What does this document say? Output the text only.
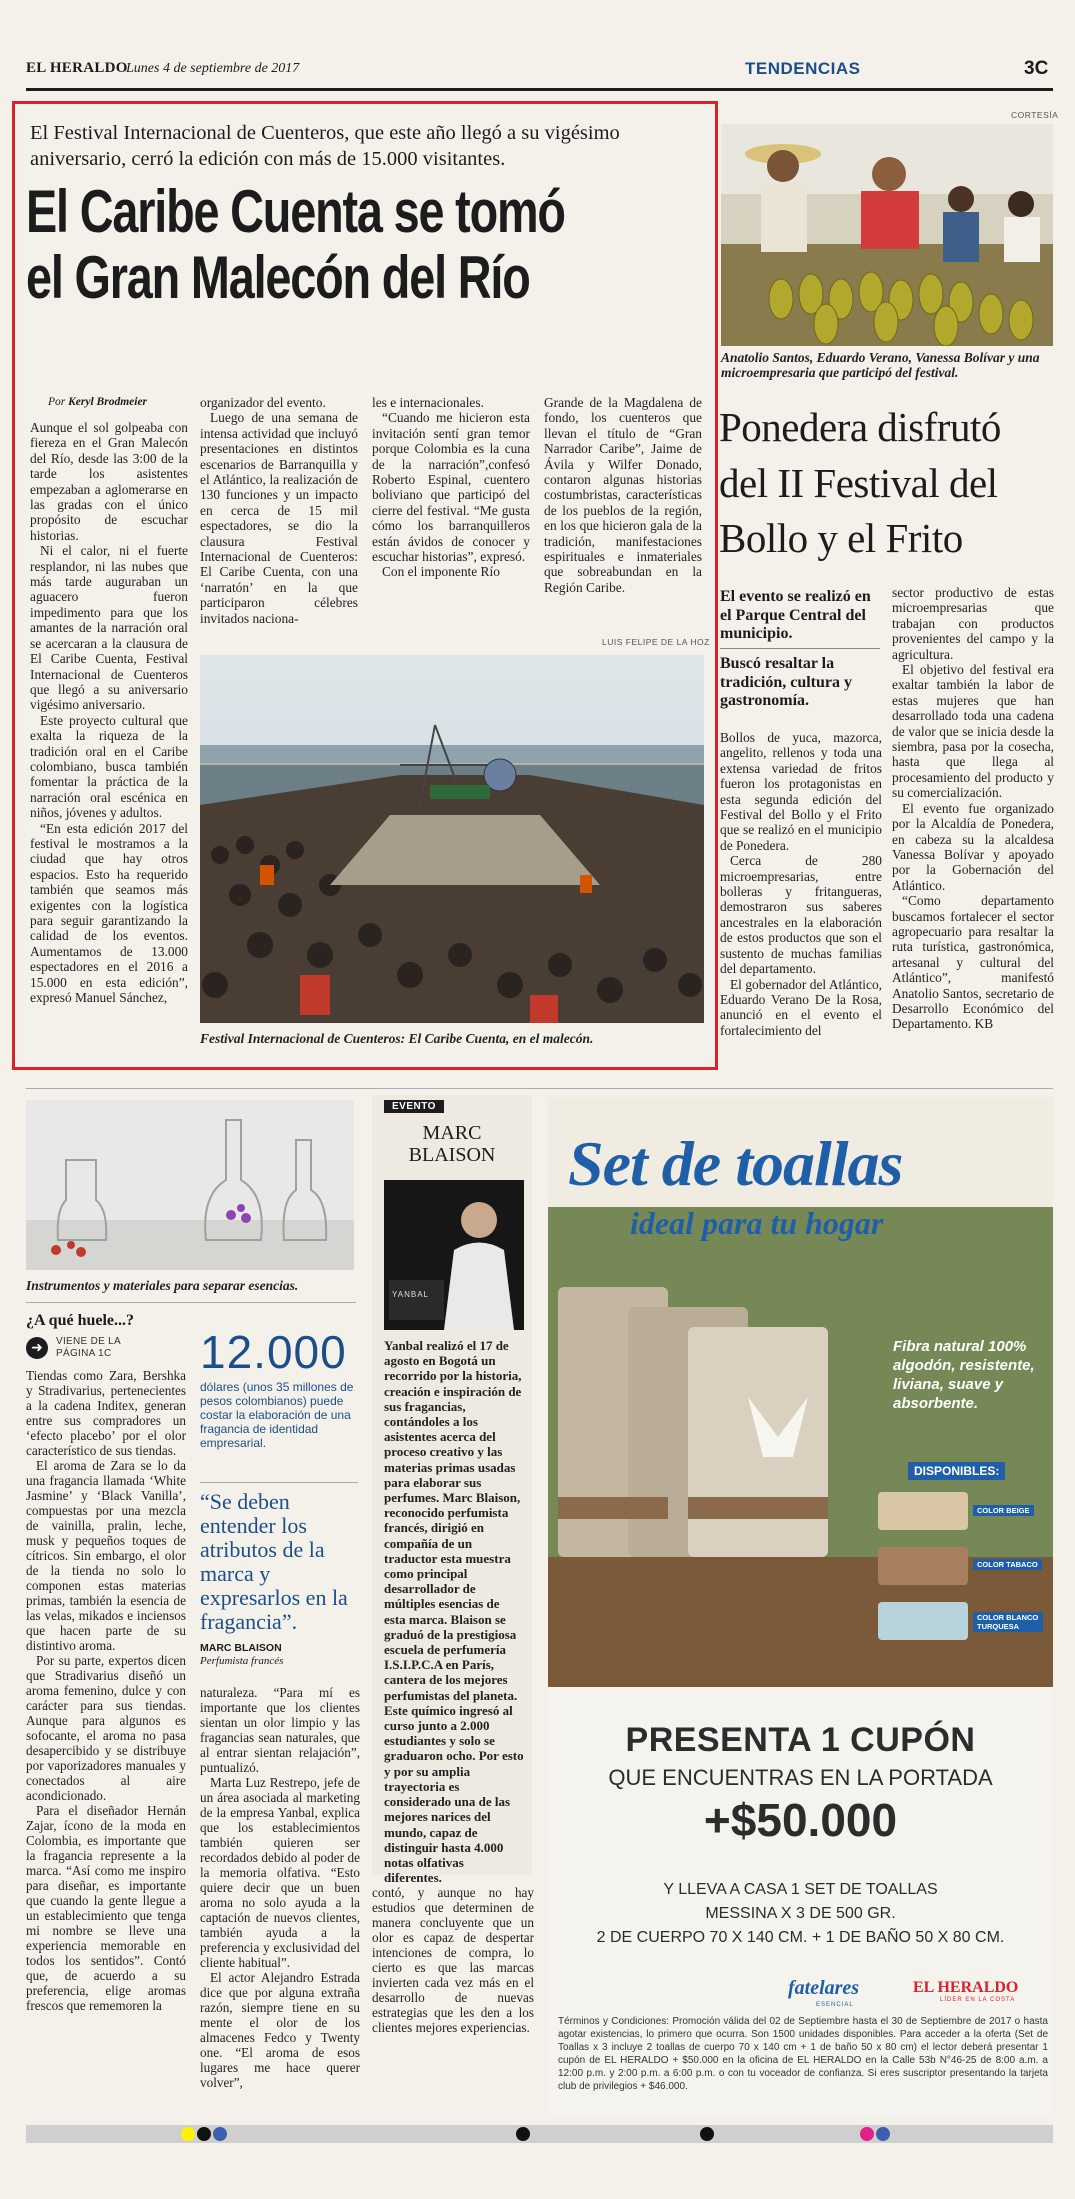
EL HERALDO
Lunes 4 de septiembre de 2017	TENDENCIAS	3C
El Festival Internacional de Cuenteros, que este año llegó a su vigésimo aniversario, cerró la edición con más de 15.000 visitantes.
El Caribe Cuenta se tomó
el Gran Malecón del Río
Por Keryl Brodmeier

Aunque el sol golpeaba con fiereza en el Gran Malecón del Río, desde las 3:00 de la tarde los asistentes empezaban a aglomerarse en las gradas con el único propósito de escuchar historias.

Ni el calor, ni el fuerte resplandor, ni las nubes que más tarde auguraban un aguacero fueron impedimento para que los amantes de la narración oral se acercaran a la clausura de El Caribe Cuenta, Festival Internacional de Cuenteros que llegó a su aniversario vigésimo aniversario.

Este proyecto cultural que exalta la riqueza de la tradición oral en el Caribe colombiano, busca también fomentar la práctica de la narración oral escénica en niños, jóvenes y adultos.

“En esta edición 2017 del festival le mostramos a la ciudad que hay otros espacios. Esto ha requerido también que seamos más exigentes con la logística para seguir garantizando la calidad de los eventos. Aumentamos de 13.000 espectadores en el 2016 a 15.000 en esta edición”, expresó Manuel Sánchez,

organizador del evento.

Luego de una semana de intensa actividad que incluyó presentaciones en distintos escenarios de Barranquilla y el Atlántico, la realización de 130 funciones y un impacto en cerca de 15 mil espectadores, se dio la clausura Festival Internacional de Cuenteros: El Caribe Cuenta, con una ‘narratón’ en la que participaron célebres invitados naciona-

les e internacionales.

“Cuando me hicieron esta invitación sentí gran temor porque Colombia es la cuna de la narración”,confesó Roberto Espinal, cuentero boliviano que participó del cierre del festival. “Me gusta cómo los barranquilleros están ávidos de conocer y escuchar historias”, expresó.

Con el imponente Río

Grande de la Magdalena de fondo, los cuenteros que llevan el título de “Gran Narrador Caribe”, Jaime de Ávila y Wilfer Donado, contaron algunas historias costumbristas, características de los pueblos de la región, en los que hicieron gala de la tradición, manifestaciones espirituales e inmateriales que sobreabundan en la Región Caribe.

LUIS FELIPE DE LA HOZ
Festival Internacional de Cuenteros: El Caribe Cuenta, en el malecón.
CORTESÍA
Anatolio Santos, Eduardo Verano, Vanessa Bolívar y una microempresaria que participó del festival.
Ponedera disfrutó
del II Festival del
Bollo y el Frito
El evento se realizó en el Parque Central del municipio.
Buscó resaltar la tradición, cultura y gastronomía.

Bollos de yuca, mazorca, angelito, rellenos y toda una extensa variedad de fritos fueron los protagonistas en esta segunda edición del Festival del Bollo y el Frito que se realizó en el municipio de Ponedera.

Cerca de 280 microempresarias, entre bolleras y fritangueras, demostraron sus saberes ancestrales en la elaboración de estos productos que son el sustento de muchas familias del departamento.

El gobernador del Atlántico, Eduardo Verano De la Rosa, anunció en el evento el fortalecimiento del

sector productivo de estas microempresarias que trabajan con productos provenientes del campo y la agricultura.

El objetivo del festival era exaltar también la labor de estas mujeres que han desarrollado toda una cadena de valor que se inicia desde la siembra, pasa por la cosecha, hasta que llega al procesamiento del producto y su comercialización.

El evento fue organizado por la Alcaldía de Ponedera, en cabeza su la alcaldesa Vanessa Bolívar y apoyado por la Gobernación del Atlántico.

“Como departamento buscamos fortalecer el sector agropecuario para resaltar la ruta turística, gastronómica, artesanal y cultural del Atlántico”, manifestó Anatolio Santos, secretario de Desarrollo Económico del Departamento. KB

Instrumentos y materiales para separar esencias.
¿A qué huele...?
➜	VIENE DE LA PÁGINA 1C

Tiendas como Zara, Bershka y Stradivarius, pertenecientes a la cadena Inditex, generan entre sus compradores un ‘efecto placebo’ por el olor característico de sus tiendas.

El aroma de Zara se lo da una fragancia llamada ‘White Jasmine’ y ‘Black Vanilla’, compuestas por una mezcla de vainilla, pralin, leche, musk y pequeños toques de cítricos. Sin embargo, el olor de la tienda no solo lo componen estas materias primas, también la esencia de las velas, mikados e inciensos que hacen parte de su distintivo aroma.

Por su parte, expertos dicen que Stradivarius diseñó un aroma femenino, dulce y con carácter para sus tiendas. Aunque para algunos es sofocante, el aroma no pasa desapercibido y se distribuye por vaporizadores manuales y conectados al aire acondicionado.

Para el diseñador Hernán Zajar, ícono de la moda en Colombia, es importante que la fragancia represente a la marca. “Así como me inspiro para diseñar, es importante que cuando la gente llegue a un establecimiento que tenga mi nombre se lleve una experiencia memorable en todos los sentidos”. Contó que, de acuerdo a su preferencia, elige aromas frescos que rememoren la

12.000
dólares (unos 35 millones de pesos colombianos) puede costar la elaboración de una fragancia de identidad empresarial.
“Se deben entender los atributos de la marca y expresarlos en la fragancia”.
MARC BLAISON
Perfumista francés

naturaleza. “Para mí es importante que los clientes sientan un olor limpio y las fragancias sean naturales, que al entrar sientan relajación”, puntualizó.

Marta Luz Restrepo, jefe de un área asociada al marketing de la empresa Yanbal, explica que los establecimientos también quieren ser recordados debido al poder de la memoria olfativa. “Esto quiere decir que un buen aroma no solo ayuda a la captación de nuevos clientes, también ayuda a la preferencia y exclusividad del cliente habitual”.

El actor Alejandro Estrada dice que por alguna extraña razón, siempre tiene en su mente el olor de los almacenes Fedco y Twenty one. “El aroma de esos lugares me hace querer volver”,

EVENTO
MARC
BLAISON
YANBAL

Yanbal realizó el 17 de agosto en Bogotá un recorrido por la historia, creación e inspiración de sus fragancias, contándoles a los asistentes acerca del proceso creativo y las materias primas usadas para elaborar sus perfumes. Marc Blaison, reconocido perfumista francés, dirigió en compañía de un traductor esta muestra como principal desarrollador de múltiples esencias de esta marca. Blaison se graduó de la prestigiosa escuela de perfumería I.S.I.P.C.A en París, cantera de los mejores perfumistas del planeta. Este químico ingresó al curso junto a 2.000 estudiantes y solo se graduaron ocho. Por esto y por su amplia trayectoria es considerado una de las mejores narices del mundo, capaz de distinguir hasta 4.000 notas olfativas diferentes.

contó, y aunque no hay estudios que determinen de manera concluyente que un olor es capaz de despertar intenciones de compra, lo cierto es que las marcas invierten cada vez más en el desarrollo de nuevas estrategias que les den a los clientes mejores experiencias.

Set de toallas
ideal para tu hogar
Fibra natural 100% algodón, resistente, liviana, suave y absorbente.
DISPONIBLES:
COLOR BEIGE
COLOR TABACO
COLOR BLANCO TURQUESA
PRESENTA 1 CUPÓN
QUE ENCUENTRAS EN LA PORTADA
+$50.000
Y LLEVA A CASA 1 SET DE TOALLAS
MESSINA X 3 DE 500 GR.
2 DE CUERPO 70 X 140 CM. + 1 DE BAÑO 50 X 80 CM.
fatelares
ESENCIAL
EL HERALDO
LÍDER EN LA COSTA
Términos y Condiciones: Promoción válida del 02 de Septiembre hasta el 30 de Septiembre de 2017 o hasta agotar existencias, lo primero que ocurra. Son 1500 unidades disponibles. Para acceder a la oferta (Set de Toallas x 3 incluye 2 toallas de cuerpo 70 x 140 cm + 1 de baño 50 x 80 cm) el lector deberá presentar 1 cupón de EL HERALDO + $50.000 en la oficina de EL HERALDO en la Calle 53b N°46-25 de 8:00 a.m. a 12:00 p.m. y 2:00 p.m. a 6:00 p.m. o con tu voceador de confianza. Si eres suscriptor presentando la tarjeta club de privilegios + $46.000.
